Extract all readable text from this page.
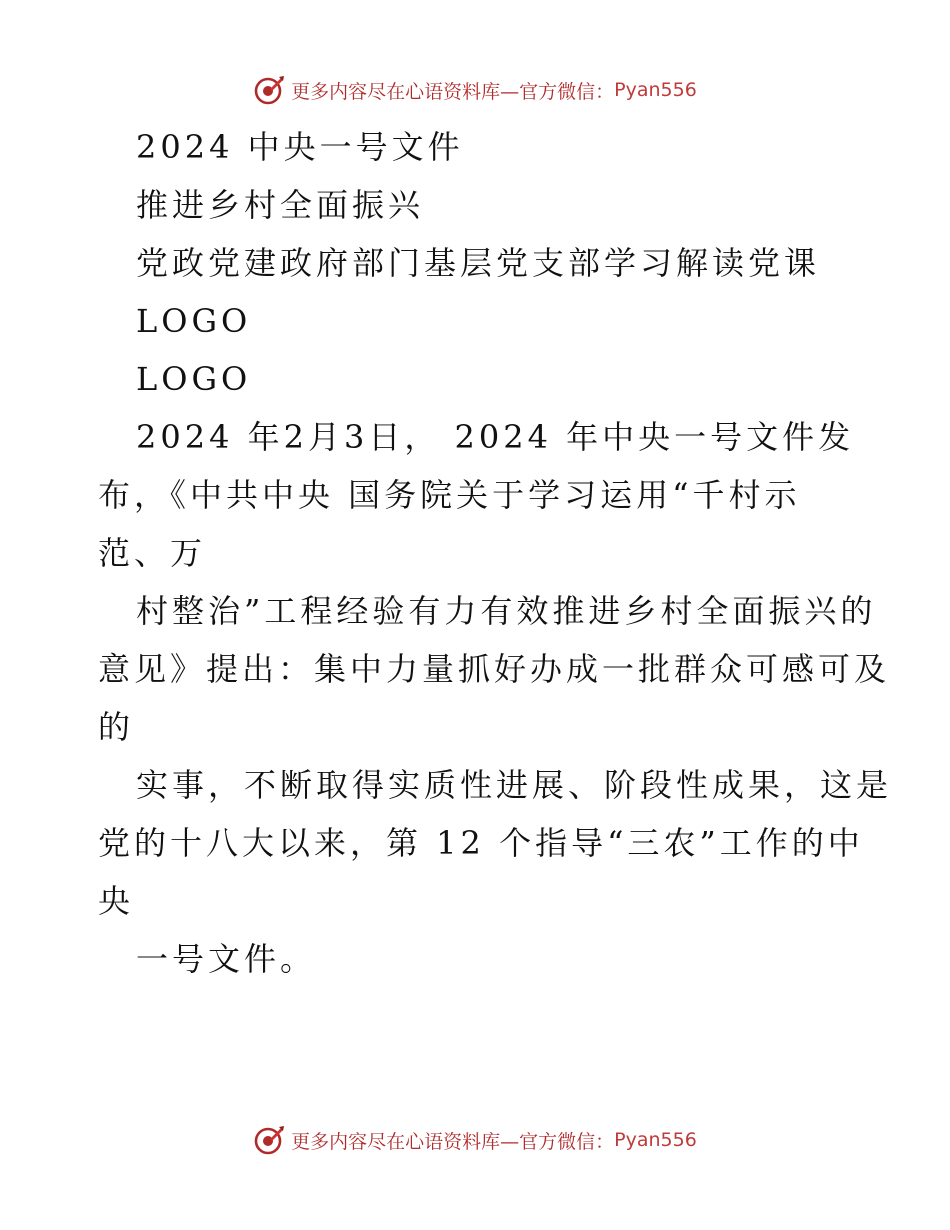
更多内容尽在心语资料库—官方微信： Pyan556
2024 中央一号文件
推进乡村全面振兴
党政党建政府部门基层党支部学习解读党课
LOGO
LOGO
2024 年2月3日， 2024 年中央一号文件发
布，《中共中央 国务院关于学习运用“千村示
范、万
村整治”工程经验有力有效推进乡村全面振兴的
意见》提出：集中力量抓好办成一批群众可感可及
的
实事，不断取得实质性进展、阶段性成果，这是
党的十八大以来，第 12 个指导“三农”工作的中
央
一号文件。
更多内容尽在心语资料库—官方微信： Pyan556
